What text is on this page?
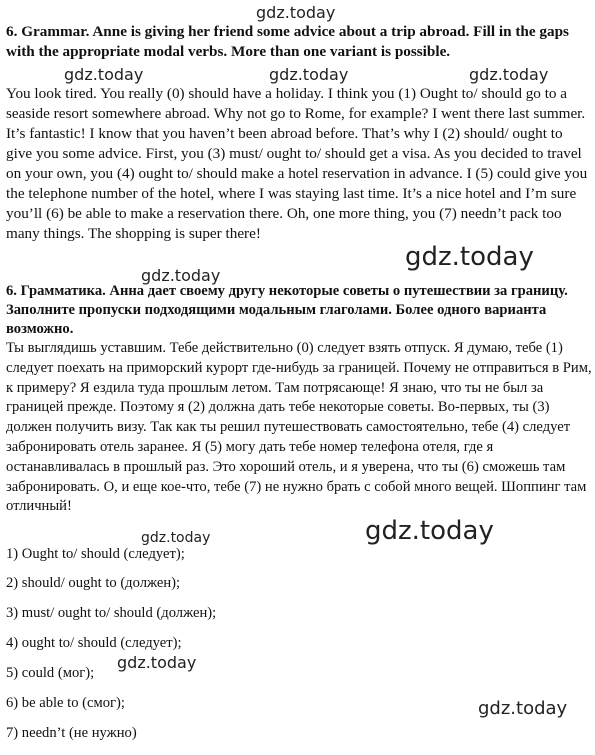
6. Grammar. Anne is giving her friend some advice about a trip abroad. Fill in the gaps with the appropriate modal verbs. More than one variant is possible.

You look tired. You really (0) should have a holiday. I think you (1) Ought to/ should go to a seaside resort somewhere abroad. Why not go to Rome, for example? I went there last summer. It’s fantastic! I know that you haven’t been abroad before. That’s why I (2) should/ ought to give you some advice. First, you (3) must/ ought to/ should get a visa. As you decided to travel on your own, you (4) ought to/ should make a hotel reservation in advance. I (5) could give you the telephone number of the hotel, where I was staying last time. It’s a nice hotel and I’m sure you’ll (6) be able to make a reservation there. Oh, one more thing, you (7) needn’t pack too many things. The shopping is super there!

6. Грамматика. Анна дает своему другу некоторые советы о путешествии за границу. Заполните пропуски подходящими модальным глаголами. Более одного варианта возможно.

Ты выглядишь уставшим. Тебе действительно (0) следует взять отпуск. Я думаю, тебе (1) следует поехать на приморский курорт где-нибудь за границей. Почему не отправиться в Рим, к примеру? Я ездила туда прошлым летом. Там потрясающе! Я знаю, что ты не был за границей прежде. Поэтому я (2) должна дать тебе некоторые советы. Во-первых, ты (3) должен получить визу. Так как ты решил путешествовать самостоятельно, тебе (4) следует забронировать отель заранее. Я (5) могу дать тебе номер телефона отеля, где я останавливалась в прошлый раз. Это хороший отель, и я уверена, что ты (6) сможешь там забронировать. О, и еще кое-что, тебе (7) не нужно брать с собой много вещей. Шоппинг там отличный!

1) Ought to/ should (следует);
2) should/ ought to (должен);
3) must/ ought to/ should (должен);
4) ought to/ should (следует);
5) could (мог);
6) be able to (смог);
7) needn’t (не нужно)
gdz.today
gdz.today	gdz.today	gdz.today
gdz.today
gdz.today
gdz.today
gdz.today
gdz.today
gdz.today
